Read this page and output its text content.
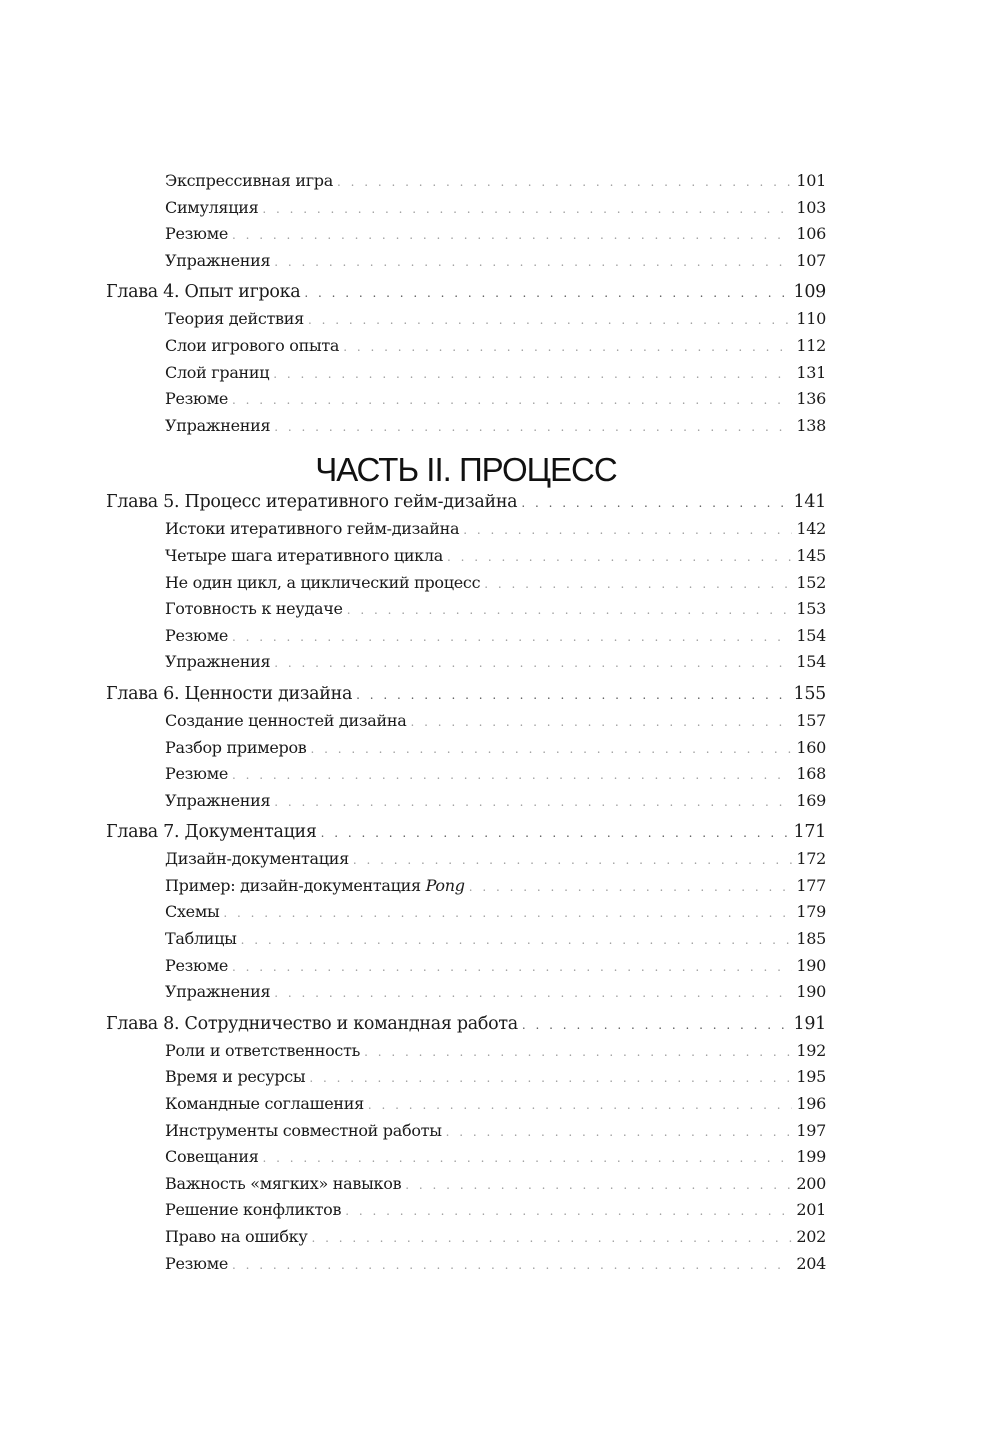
Экспрессивная игра . . .	101
Симуляция . . .	103
Резюме . . .	106
Упражнения . . .	107
Глава 4. Опыт игрока . . .	109
Теория действия . . .	110
Слои игрового опыта . . .	112
Слой границ . . .	131
Резюме . . .	136
Упражнения . . .	138
ЧАСТЬ II. ПРОЦЕСС
Глава 5. Процесс итеративного гейм-дизайна . . .	141
Истоки итеративного гейм-дизайна . . .	142
Четыре шага итеративного цикла . . .	145
Не один цикл, а циклический процесс . . .	152
Готовность к неудаче . . .	153
Резюме . . .	154
Упражнения . . .	154
Глава 6. Ценности дизайна . . .	155
Создание ценностей дизайна . . .	157
Разбор примеров . . .	160
Резюме . . .	168
Упражнения . . .	169
Глава 7. Документация . . .	171
Дизайн-документация . . .	172
Пример: дизайн-документация Pong . . .	177
Схемы . . .	179
Таблицы . . .	185
Резюме . . .	190
Упражнения . . .	190
Глава 8. Сотрудничество и командная работа . . .	191
Роли и ответственность . . .	192
Время и ресурсы . . .	195
Командные соглашения . . .	196
Инструменты совместной работы . . .	197
Совещания . . .	199
Важность «мягких» навыков . . .	200
Решение конфликтов . . .	201
Право на ошибку . . .	202
Резюме . . .	204
